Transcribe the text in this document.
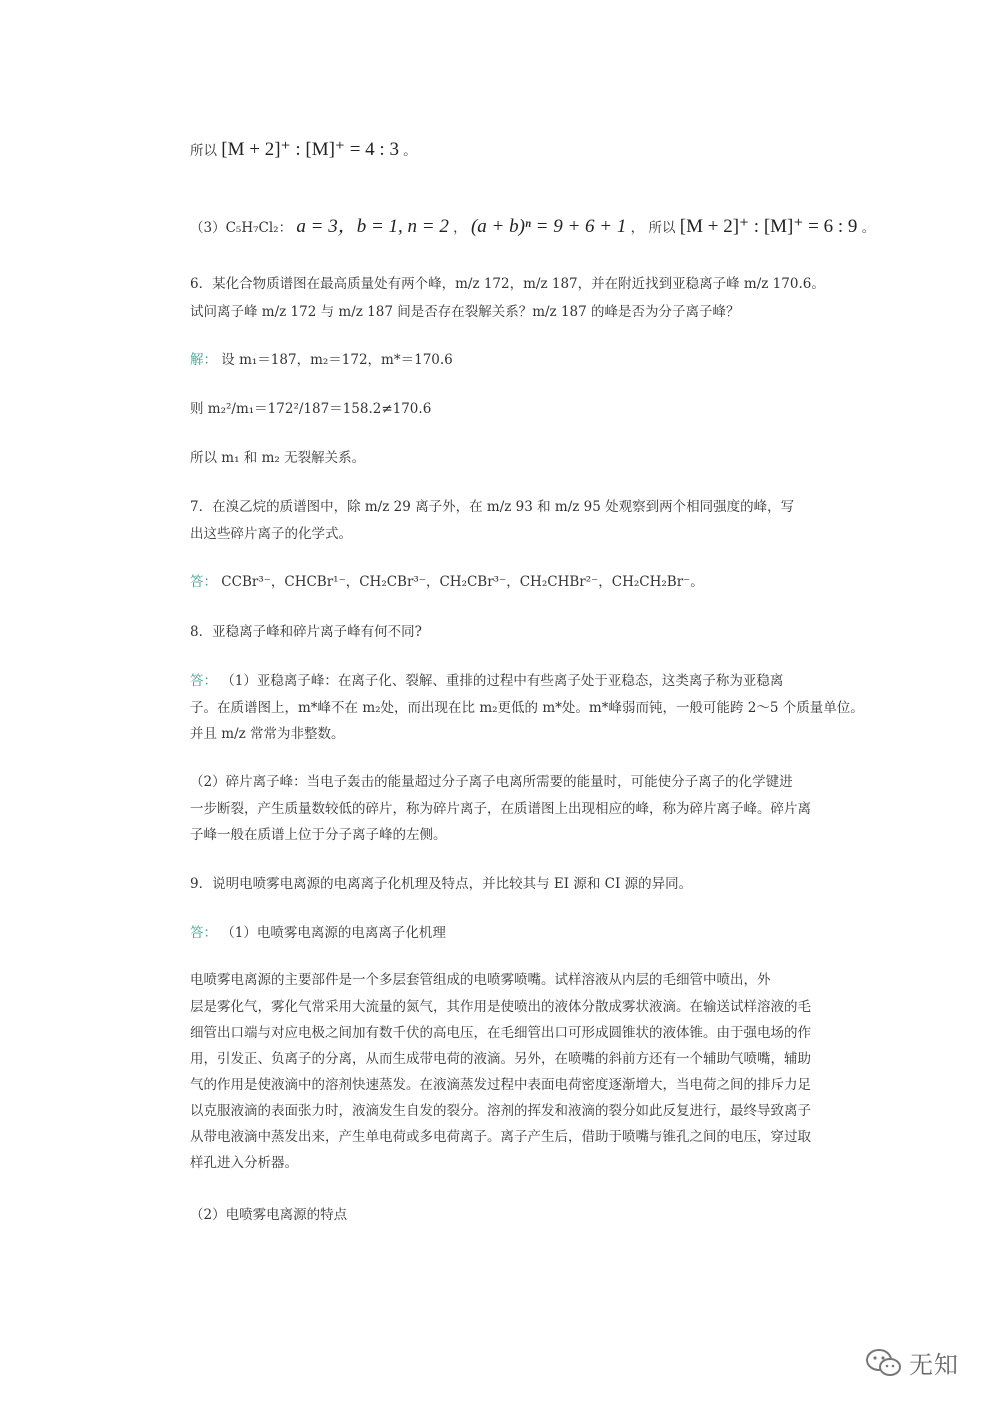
所以 [M + 2]⁺ : [M]⁺ = 4 : 3 。
（3）C₅H₇Cl₂： a = 3，b = 1, n = 2 ， (a + b)ⁿ = 9 + 6 + 1 ， 所以 [M + 2]⁺ : [M]⁺ = 6 : 9 。
6．某化合物质谱图在最高质量处有两个峰，m/z 172，m/z 187，并在附近找到亚稳离子峰 m/z 170.6。
试问离子峰 m/z 172 与 m/z 187 间是否存在裂解关系？m/z 187 的峰是否为分子离子峰？
解： 设 m₁＝187，m₂＝172，m*＝170.6
则 m₂²/m₁＝172²/187＝158.2≠170.6
所以 m₁ 和 m₂ 无裂解关系。
7．在溴乙烷的质谱图中，除 m/z 29 离子外，在 m/z 93 和 m/z 95 处观察到两个相同强度的峰，写
出这些碎片离子的化学式。
答： CCBr³⁻，CHCBr¹⁻，CH₂CBr³⁻，CH₂CBr³⁻，CH₂CHBr²⁻，CH₂CH₂Br⁻。
8．亚稳离子峰和碎片离子峰有何不同?
答： （1）亚稳离子峰：在离子化、裂解、重排的过程中有些离子处于亚稳态，这类离子称为亚稳离
子。在质谱图上，m*峰不在 m₂处，而出现在比 m₂更低的 m*处。m*峰弱而钝，一般可能跨 2～5 个质量单位。
并且 m/z 常常为非整数。
（2）碎片离子峰：当电子轰击的能量超过分子离子电离所需要的能量时，可能使分子离子的化学键进
一步断裂，产生质量数较低的碎片，称为碎片离子，在质谱图上出现相应的峰，称为碎片离子峰。碎片离
子峰一般在质谱上位于分子离子峰的左侧。
9．说明电喷雾电离源的电离离子化机理及特点，并比较其与 EI 源和 CI 源的异同。
答： （1）电喷雾电离源的电离离子化机理
电喷雾电离源的主要部件是一个多层套管组成的电喷雾喷嘴。试样溶液从内层的毛细管中喷出，外
层是雾化气，雾化气常采用大流量的氮气，其作用是使喷出的液体分散成雾状液滴。在输送试样溶液的毛
细管出口端与对应电极之间加有数千伏的高电压，在毛细管出口可形成圆锥状的液体锥。由于强电场的作
用，引发正、负离子的分离，从而生成带电荷的液滴。另外，在喷嘴的斜前方还有一个辅助气喷嘴，辅助
气的作用是使液滴中的溶剂快速蒸发。在液滴蒸发过程中表面电荷密度逐渐增大，当电荷之间的排斥力足
以克服液滴的表面张力时，液滴发生自发的裂分。溶剂的挥发和液滴的裂分如此反复进行，最终导致离子
从带电液滴中蒸发出来，产生单电荷或多电荷离子。离子产生后，借助于喷嘴与锥孔之间的电压，穿过取
样孔进入分析器。
（2）电喷雾电离源的特点
无知
